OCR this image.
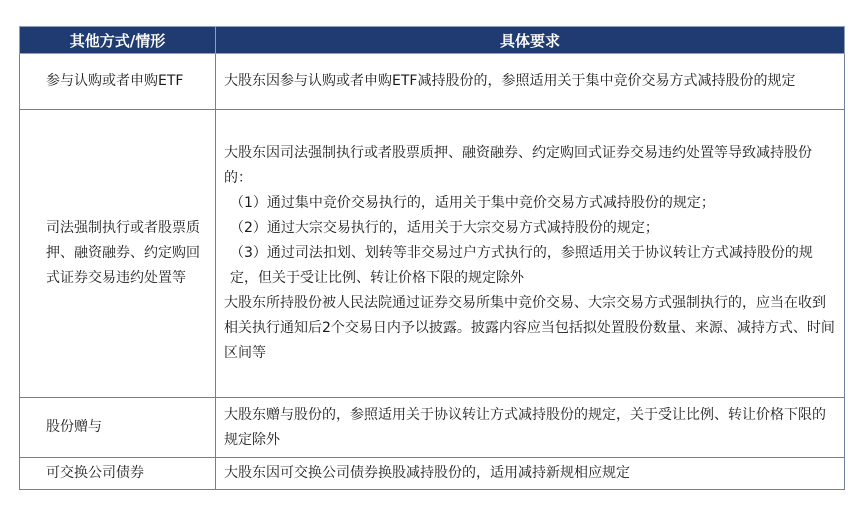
其他方式/情形	具体要求
参与认购或者申购ETF	大股东因参与认购或者申购ETF减持股份的，参照适用关于集中竞价交易方式减持股份的规定

司法强制执行或者股票质押、融资融券、约定购回式证券交易违约处置等	大股东因司法强制执行或者股票质押、融资融券、约定购回式证券交易违约处置等导致减持股份的：

（1）通过集中竞价交易执行的，适用关于集中竞价交易方式减持股份的规定；

（2）通过大宗交易执行的，适用关于大宗交易方式减持股份的规定；

（3）通过司法扣划、划转等非交易过户方式执行的，参照适用关于协议转让方式减持股份的规定，但关于受让比例、转让价格下限的规定除外

大股东所持股份被人民法院通过证券交易所集中竞价交易、大宗交易方式强制执行的，应当在收到相关执行通知后2个交易日内予以披露。披露内容应当包括拟处置股份数量、来源、减持方式、时间区间等

股份赠与	大股东赠与股份的，参照适用关于协议转让方式减持股份的规定，关于受让比例、转让价格下限的规定除外

可交换公司债券	大股东因可交换公司债券换股减持股份的，适用减持新规相应规定
